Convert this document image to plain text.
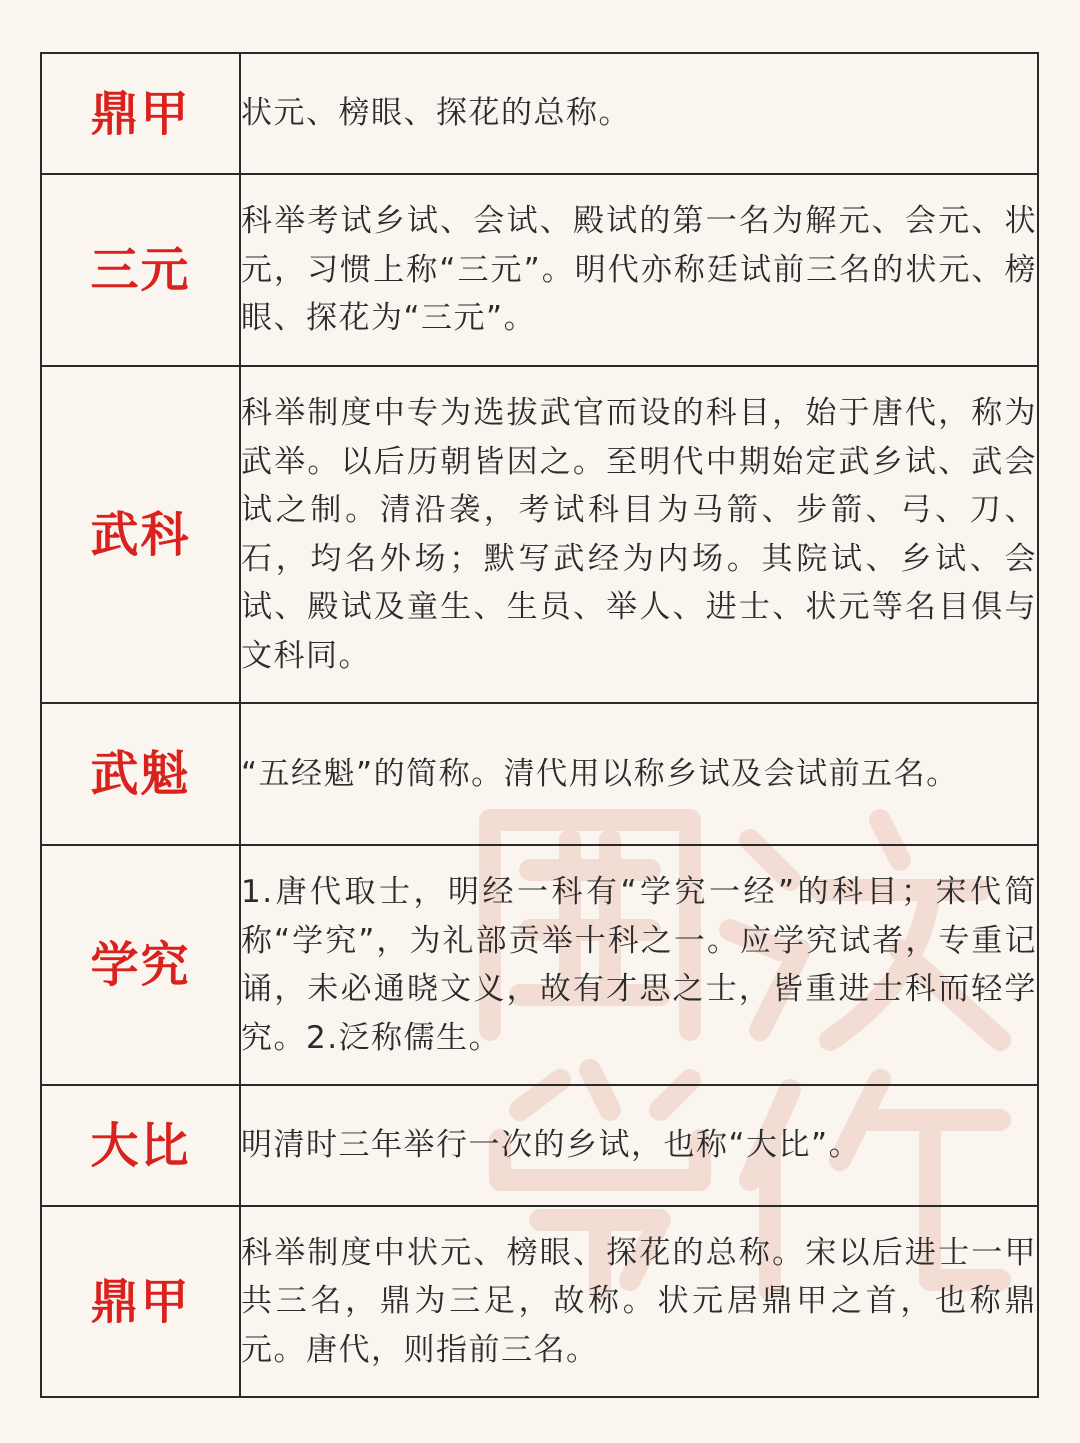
鼎甲	状元、榜眼、探花的总称。

三元	科举考试乡试、会试、殿试的第一名为解元、会元、状元，习惯上称“三元”。明代亦称廷试前三名的状元、榜眼、探花为“三元”。

武科	科举制度中专为选拔武官而设的科目，始于唐代，称为武举。以后历朝皆因之。至明代中期始定武乡试、武会试之制。清沿袭，考试科目为马箭、步箭、弓、刀、石，均名外场；默写武经为内场。其院试、乡试、会试、殿试及童生、生员、举人、进士、状元等名目俱与文科同。

武魁	“五经魁”的简称。清代用以称乡试及会试前五名。

学究	1.唐代取士，明经一科有“学究一经”的科目；宋代简称“学究”，为礼部贡举十科之一。应学究试者，专重记诵，未必通晓文义，故有才思之士，皆重进士科而轻学究。2.泛称儒生。

大比	明清时三年举行一次的乡试，也称“大比”。

鼎甲	科举制度中状元、榜眼、探花的总称。宋以后进士一甲共三名，鼎为三足，故称。状元居鼎甲之首，也称鼎元。唐代，则指前三名。
